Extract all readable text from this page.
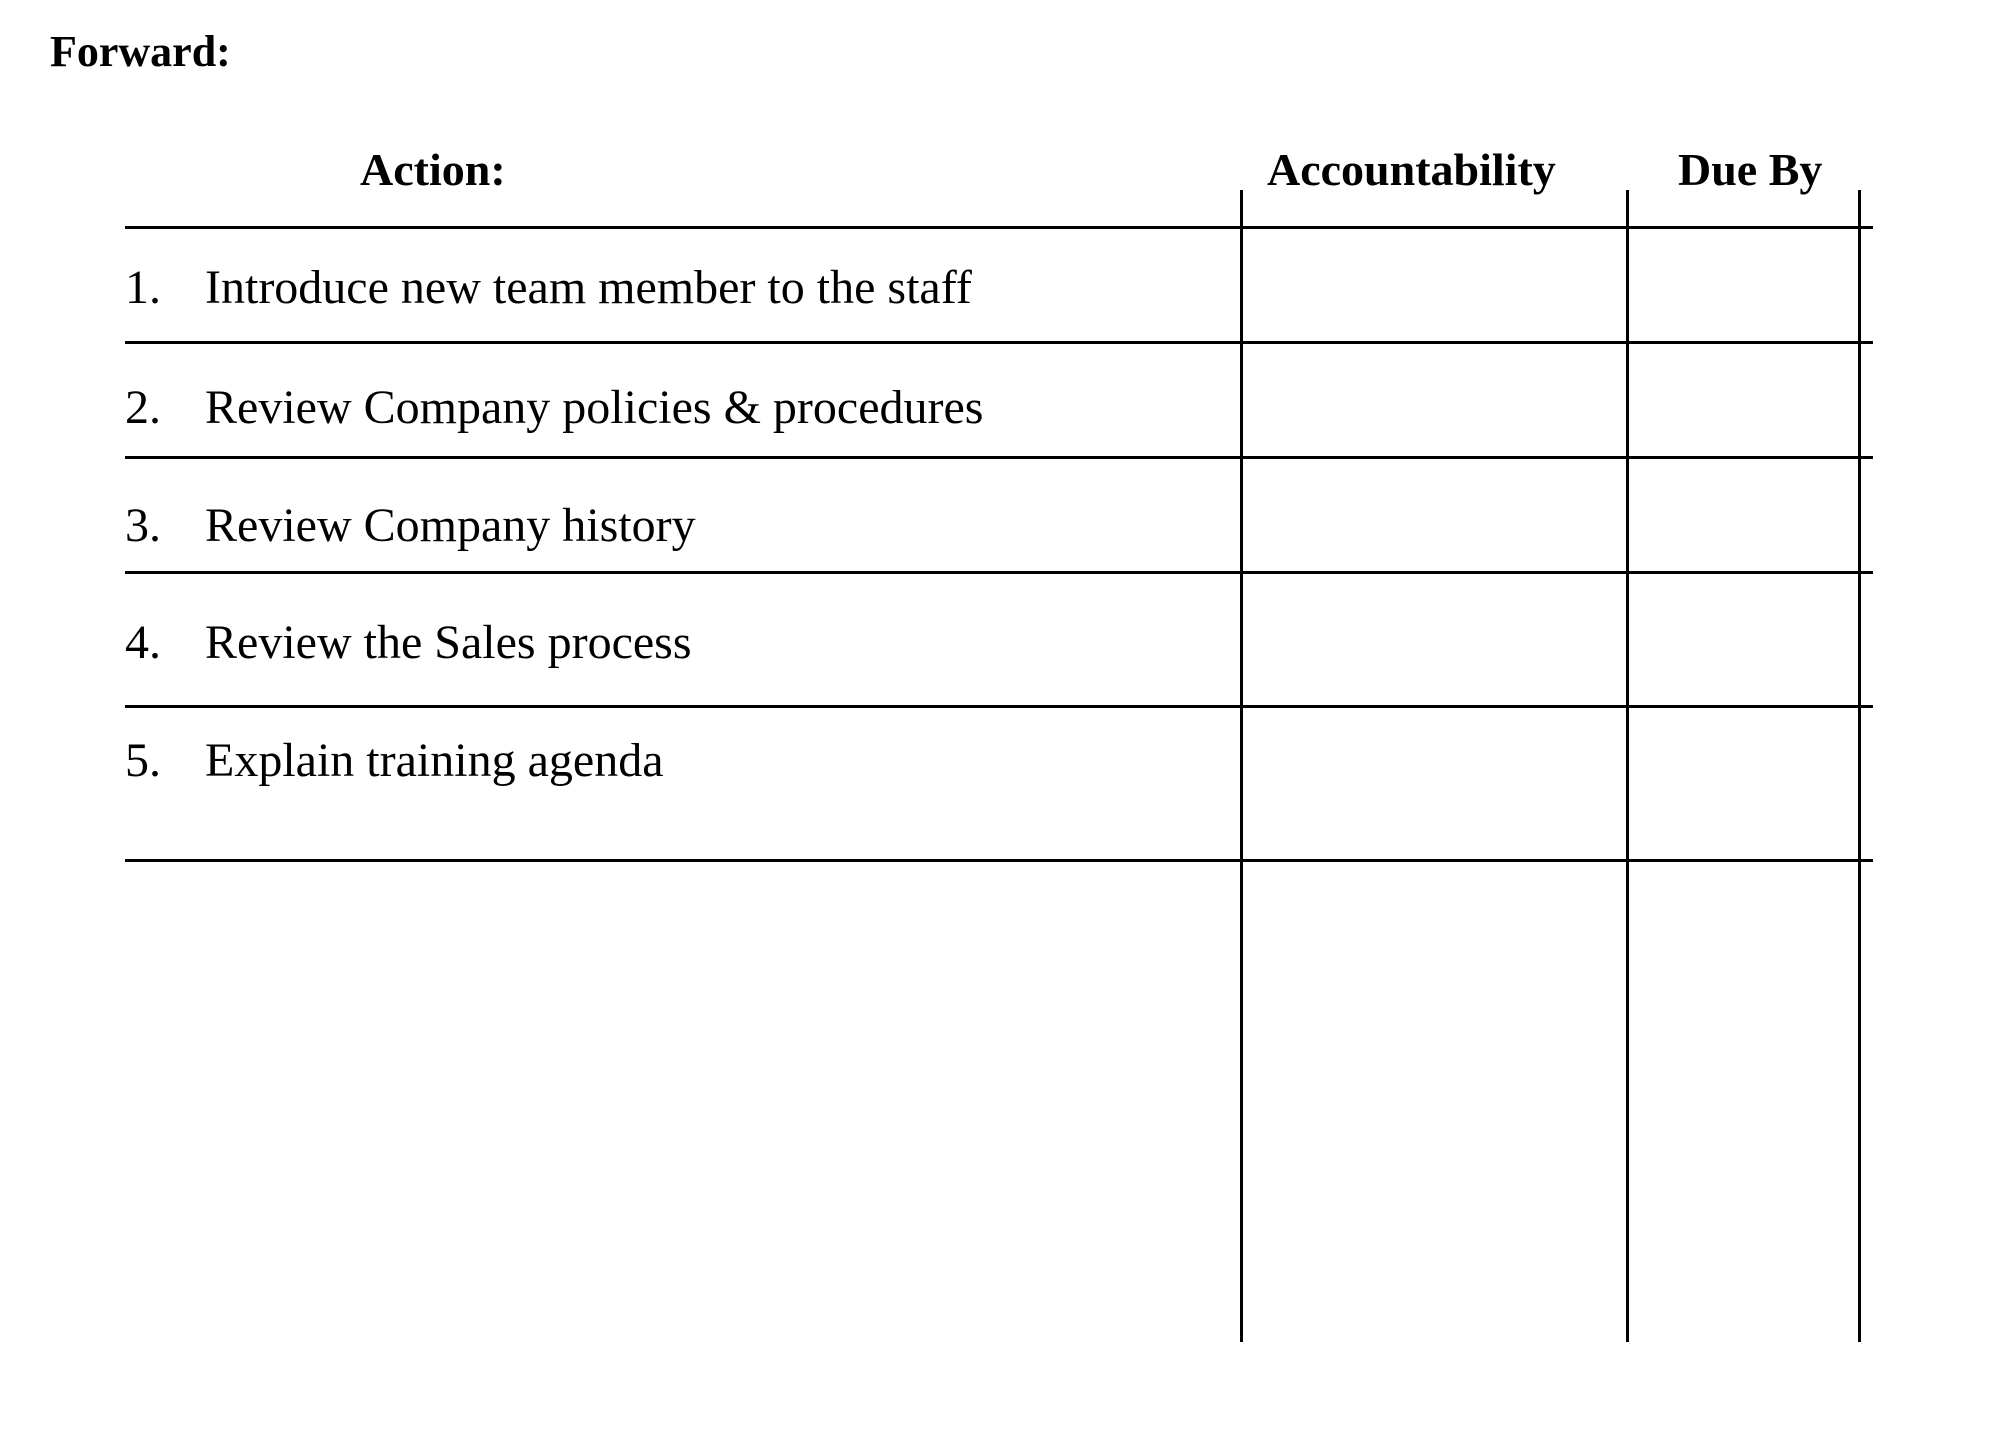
Forward:
Action:	Accountability	Due By
1. Introduce new team member to the staff
2. Review Company policies & procedures
3. Review Company history
4. Review the Sales process
5. Explain training agenda
